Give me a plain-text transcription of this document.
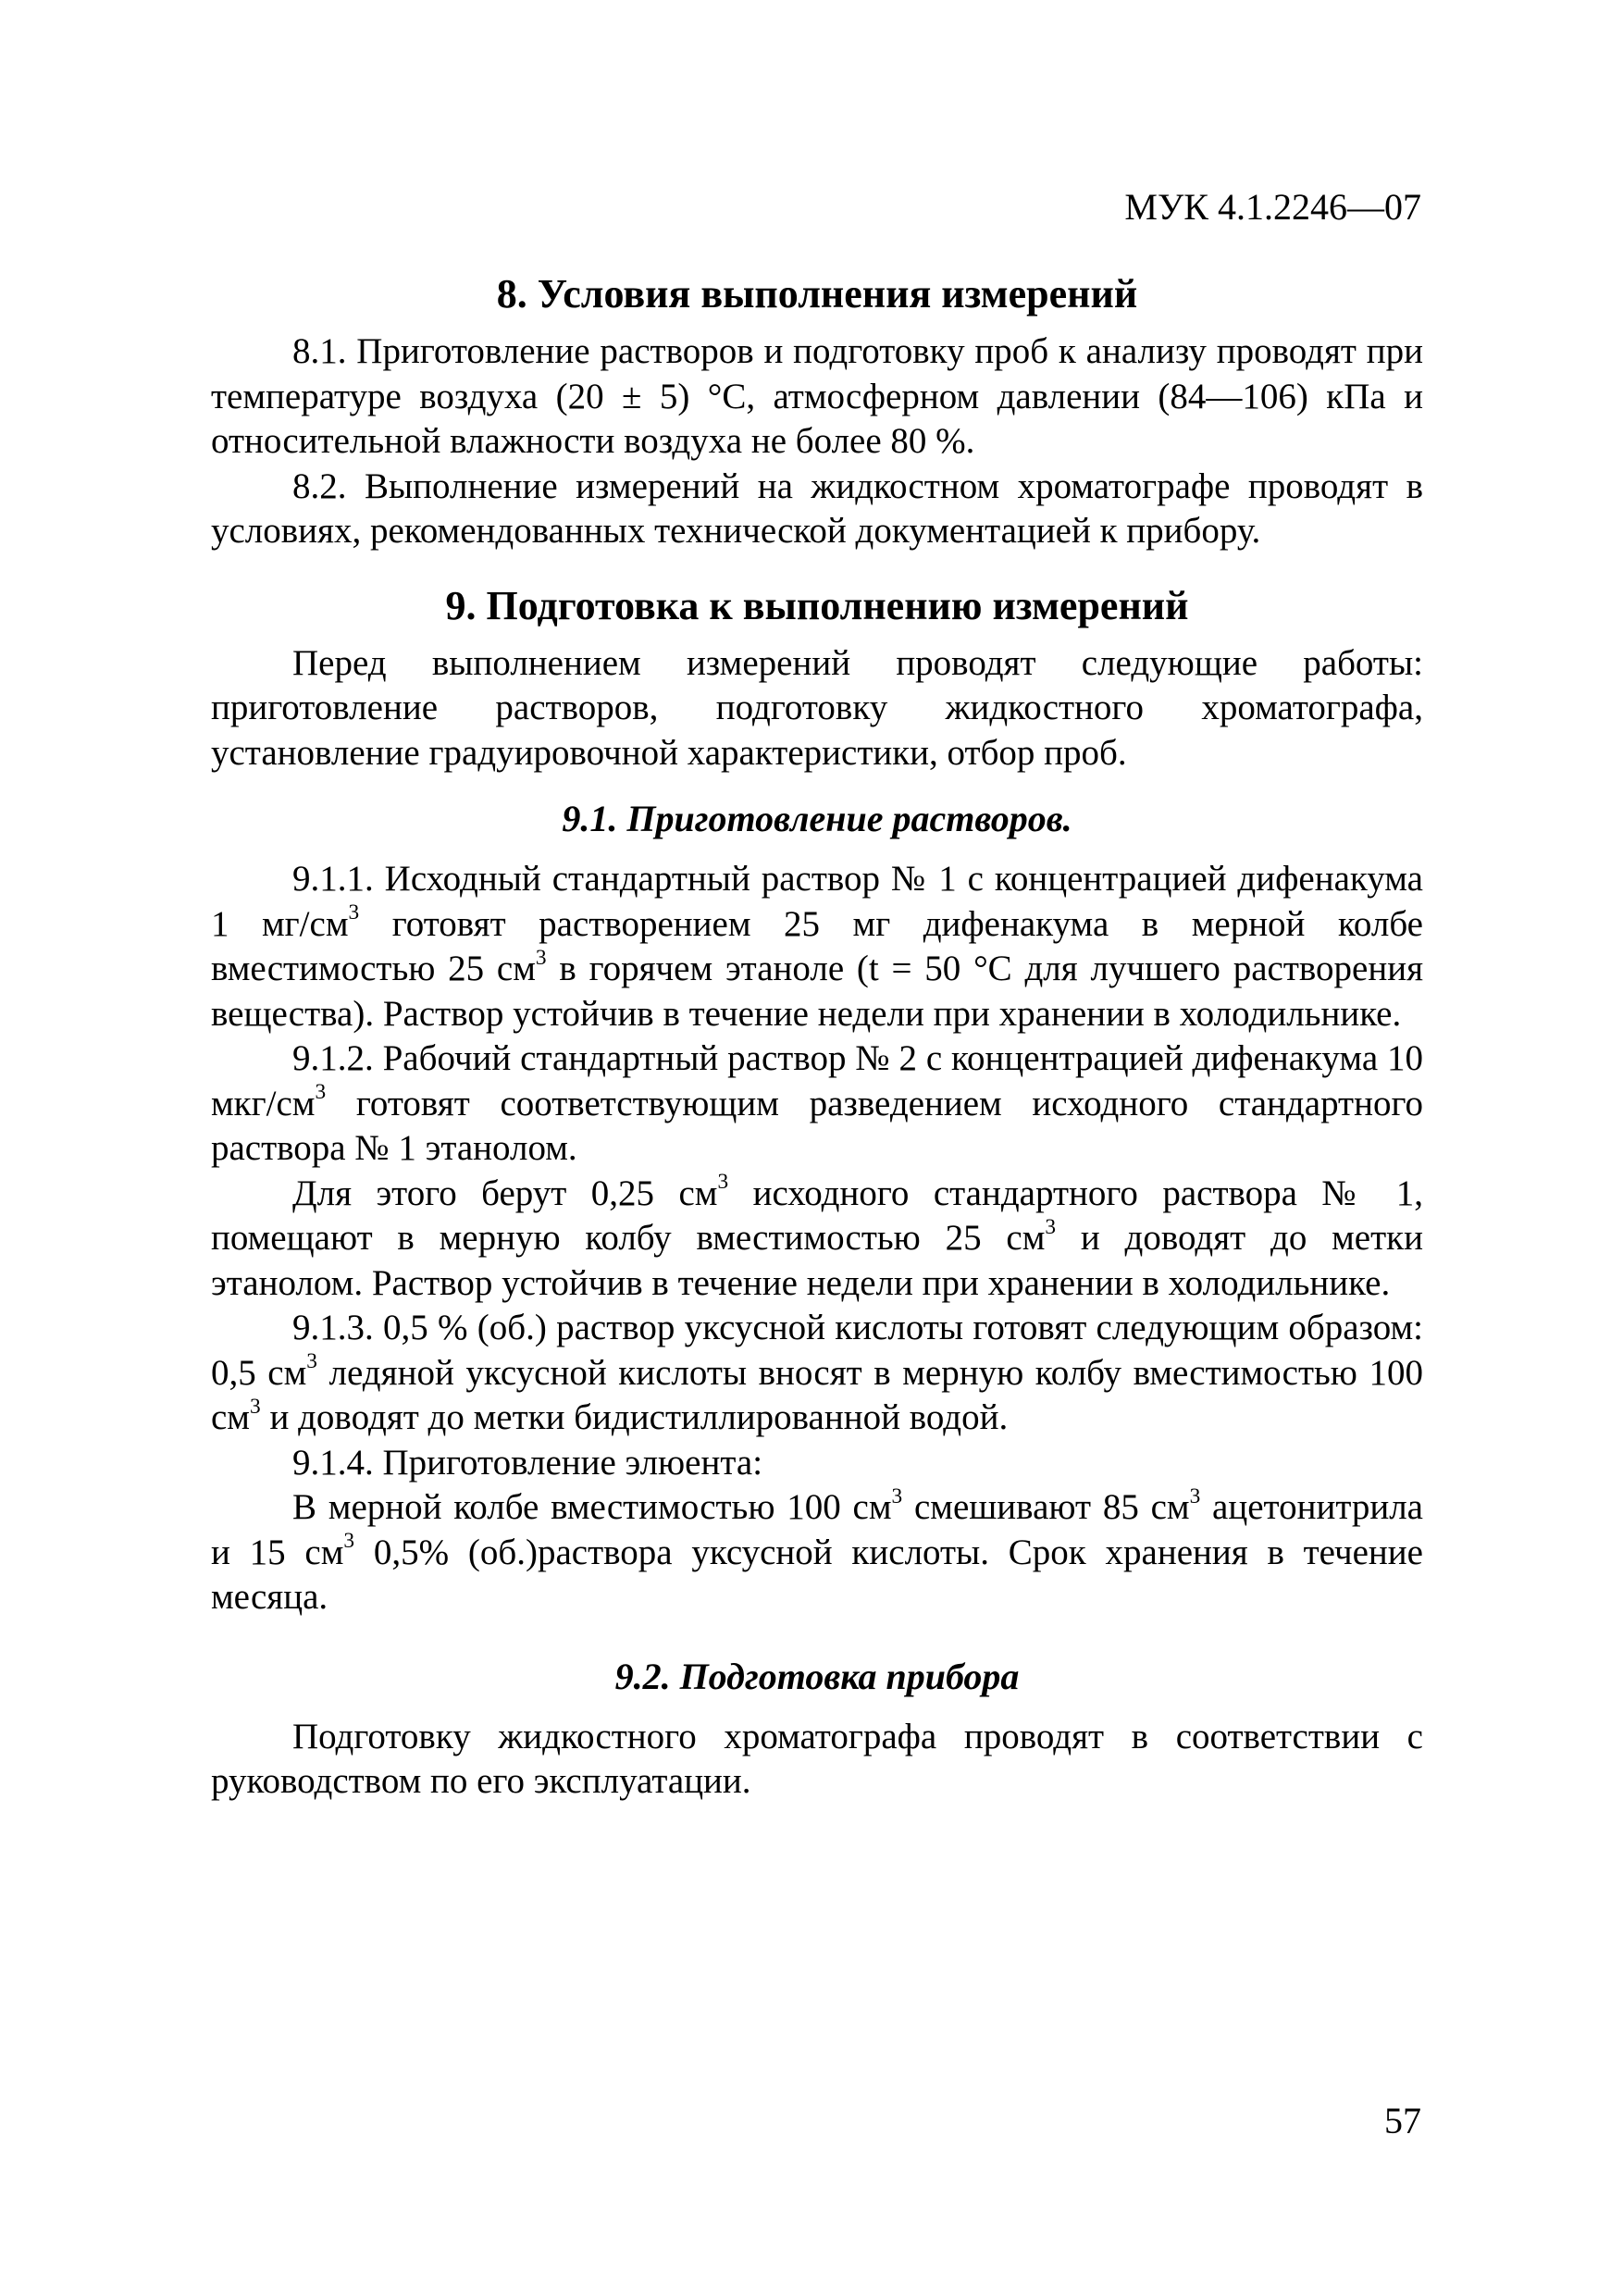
МУК 4.1.2246—07
8. Условия выполнения измерений

8.1. Приготовление растворов и подготовку проб к анализу проводят при температуре воздуха (20 ± 5) °С, атмосферном давлении (84—106) кПа и относительной влажности воздуха не более 80 %.

8.2. Выполнение измерений на жидкостном хроматографе проводят в условиях, рекомендованных технической документацией к прибору.

9. Подготовка к выполнению измерений

Перед выполнением измерений проводят следующие работы: приготовление растворов, подготовку жидкостного хроматографа, установление градуировочной характеристики, отбор проб.

9.1. Приготовление растворов.

9.1.1. Исходный стандартный раствор № 1 с концентрацией дифенакума 1 $мг/см^3$ готовят растворением 25 мг дифенакума в мерной колбе вместимостью 25 $см^3$ в горячем этаноле (t = 50 °С для лучшего растворения вещества). Раствор устойчив в течение недели при хранении в холодильнике.

9.1.2. Рабочий стандартный раствор № 2 с концентрацией дифенакума 10 мкг/$см^3$ готовят соответствующим разведением исходного стандартного раствора № 1 этанолом.

Для этого берут 0,25 $см^3$ исходного стандартного раствора № 1, помещают в мерную колбу вместимостью 25 $см^3$ и доводят до метки этанолом. Раствор устойчив в течение недели при хранении в холодильнике.

9.1.3. 0,5 % (об.) раствор уксусной кислоты готовят следующим образом: 0,5 $см^3$ ледяной уксусной кислоты вносят в мерную колбу вместимостью 100 $см^3$ и доводят до метки бидистиллированной водой.

9.1.4. Приготовление элюента:

В мерной колбе вместимостью 100 $см^3$ смешивают 85 $см^3$ ацетонитрила и 15 $см^3$ 0,5% (об.)раствора уксусной кислоты. Срок хранения в течение месяца.

9.2. Подготовка прибора

Подготовку жидкостного хроматографа проводят в соответствии с руководством по его эксплуатации.

57
